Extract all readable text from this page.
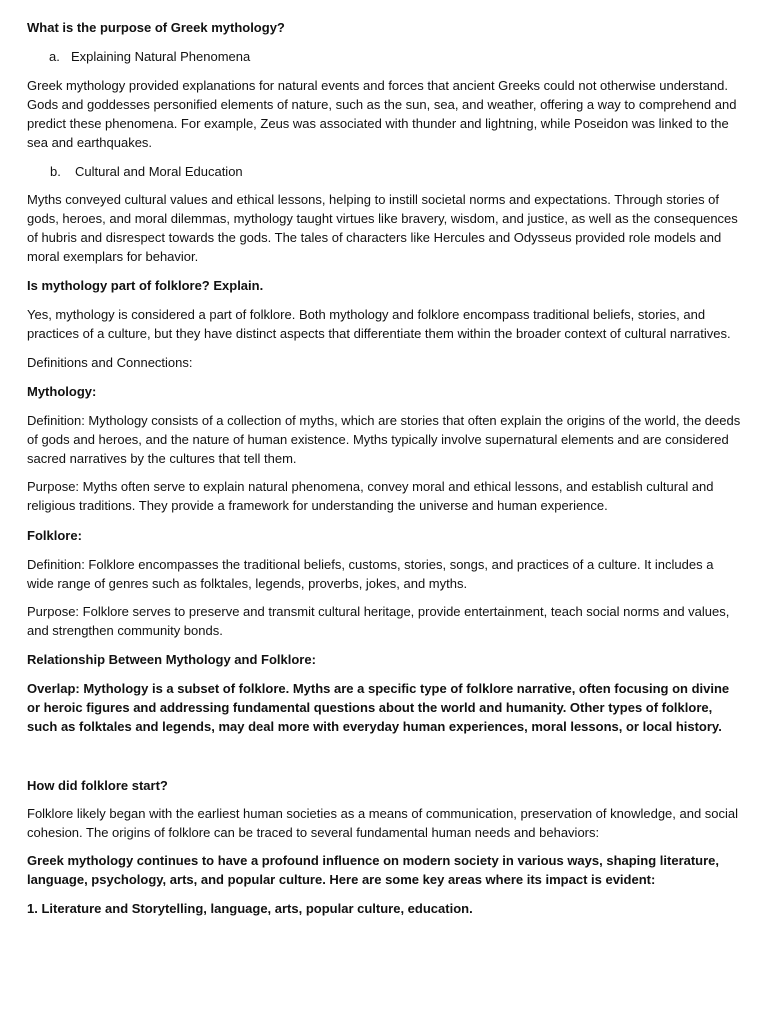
What is the purpose of Greek mythology?

a. Explaining Natural Phenomena

Greek mythology provided explanations for natural events and forces that ancient Greeks could not otherwise understand. Gods and goddesses personified elements of nature, such as the sun, sea, and weather, offering a way to comprehend and predict these phenomena. For example, Zeus was associated with thunder and lightning, while Poseidon was linked to the sea and earthquakes.

b. Cultural and Moral Education

Myths conveyed cultural values and ethical lessons, helping to instill societal norms and expectations. Through stories of gods, heroes, and moral dilemmas, mythology taught virtues like bravery, wisdom, and justice, as well as the consequences of hubris and disrespect towards the gods. The tales of characters like Hercules and Odysseus provided role models and moral exemplars for behavior.

Is mythology part of folklore? Explain.

Yes, mythology is considered a part of folklore. Both mythology and folklore encompass traditional beliefs, stories, and practices of a culture, but they have distinct aspects that differentiate them within the broader context of cultural narratives.

Definitions and Connections:

Mythology:

Definition: Mythology consists of a collection of myths, which are stories that often explain the origins of the world, the deeds of gods and heroes, and the nature of human existence. Myths typically involve supernatural elements and are considered sacred narratives by the cultures that tell them.

Purpose: Myths often serve to explain natural phenomena, convey moral and ethical lessons, and establish cultural and religious traditions. They provide a framework for understanding the universe and human experience.

Folklore:

Definition: Folklore encompasses the traditional beliefs, customs, stories, songs, and practices of a culture. It includes a wide range of genres such as folktales, legends, proverbs, jokes, and myths.

Purpose: Folklore serves to preserve and transmit cultural heritage, provide entertainment, teach social norms and values, and strengthen community bonds.

Relationship Between Mythology and Folklore:

Overlap: Mythology is a subset of folklore. Myths are a specific type of folklore narrative, often focusing on divine or heroic figures and addressing fundamental questions about the world and humanity. Other types of folklore, such as folktales and legends, may deal more with everyday human experiences, moral lessons, or local history.

How did folklore start?

Folklore likely began with the earliest human societies as a means of communication, preservation of knowledge, and social cohesion. The origins of folklore can be traced to several fundamental human needs and behaviors:

Greek mythology continues to have a profound influence on modern society in various ways, shaping literature, language, psychology, arts, and popular culture. Here are some key areas where its impact is evident:

1. Literature and Storytelling, language, arts, popular culture, education.
